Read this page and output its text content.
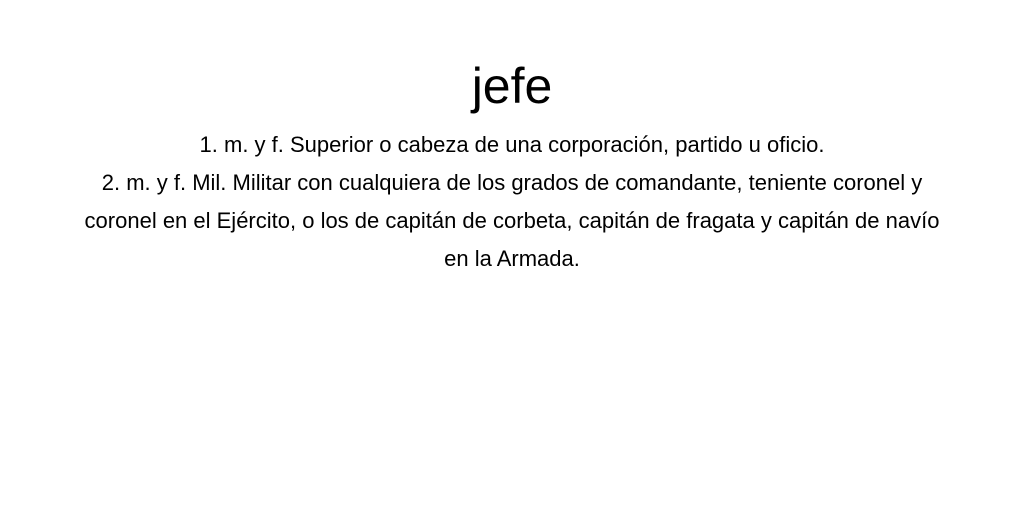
jefe

1. m. y f. Superior o cabeza de una corporación, partido u oficio.

2. m. y f. Mil. Militar con cualquiera de los grados de comandante, teniente coronel y coronel en el Ejército, o los de capitán de corbeta, capitán de fragata y capitán de navío en la Armada.
